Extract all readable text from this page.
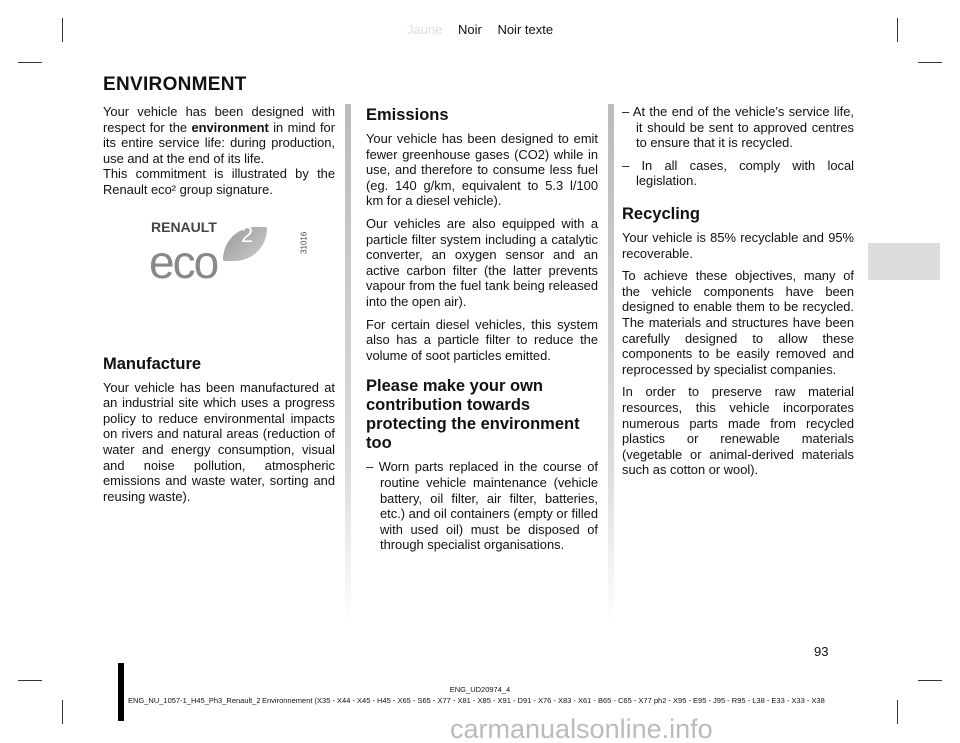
Jaune Noir Noir texte
ENVIRONMENT

Your vehicle has been designed with respect for the environment in mind for its entire service life: during production, use and at the end of its life.
This commitment is illustrated by the Renault eco² group signature.

RENAULT 2
eco	31016
Manufacture

Your vehicle has been manufactured at an industrial site which uses a progress policy to reduce environmental impacts on rivers and natural areas (reduction of water and energy consumption, visual and noise pollution, atmospheric emissions and waste water, sorting and reusing waste).

Emissions

Your vehicle has been designed to emit fewer greenhouse gases (CO2) while in use, and therefore to consume less fuel (eg. 140 g/km, equivalent to 5.3 l/100 km for a diesel vehicle).

Our vehicles are also equipped with a particle filter system including a catalytic converter, an oxygen sensor and an active carbon filter (the latter prevents vapour from the fuel tank being released into the open air).

For certain diesel vehicles, this system also has a particle filter to reduce the volume of soot particles emitted.

Please make your own contribution towards protecting the environment too

– Worn parts replaced in the course of routine vehicle maintenance (vehicle battery, oil filter, air filter, batteries, etc.) and oil containers (empty or filled with used oil) must be disposed of through specialist organisations.

– At the end of the vehicle’s service life, it should be sent to approved centres to ensure that it is recycled.

– In all cases, comply with local legislation.

Recycling

Your vehicle is 85% recyclable and 95% recoverable.

To achieve these objectives, many of the vehicle components have been designed to enable them to be recycled. The materials and structures have been carefully designed to allow these components to be easily removed and reprocessed by specialist companies.

In order to preserve raw material resources, this vehicle incorporates numerous parts made from recycled plastics or renewable materials (vegetable or animal-derived materials such as cotton or wool).

93
ENG_UD20974_4
ENG_NU_1057-1_H45_Ph3_Renault_2 Environnement (X35 - X44 - X45 - H45 - X65 - S65 - X77 - X81 - X85 - X91 - D91 - X76 - X83 - X61 - B65 - C65 - X77 ph2 - X95 - E95 - J95 - R95 - L38 - E33 - X33 - X38
carmanualsonline.info
